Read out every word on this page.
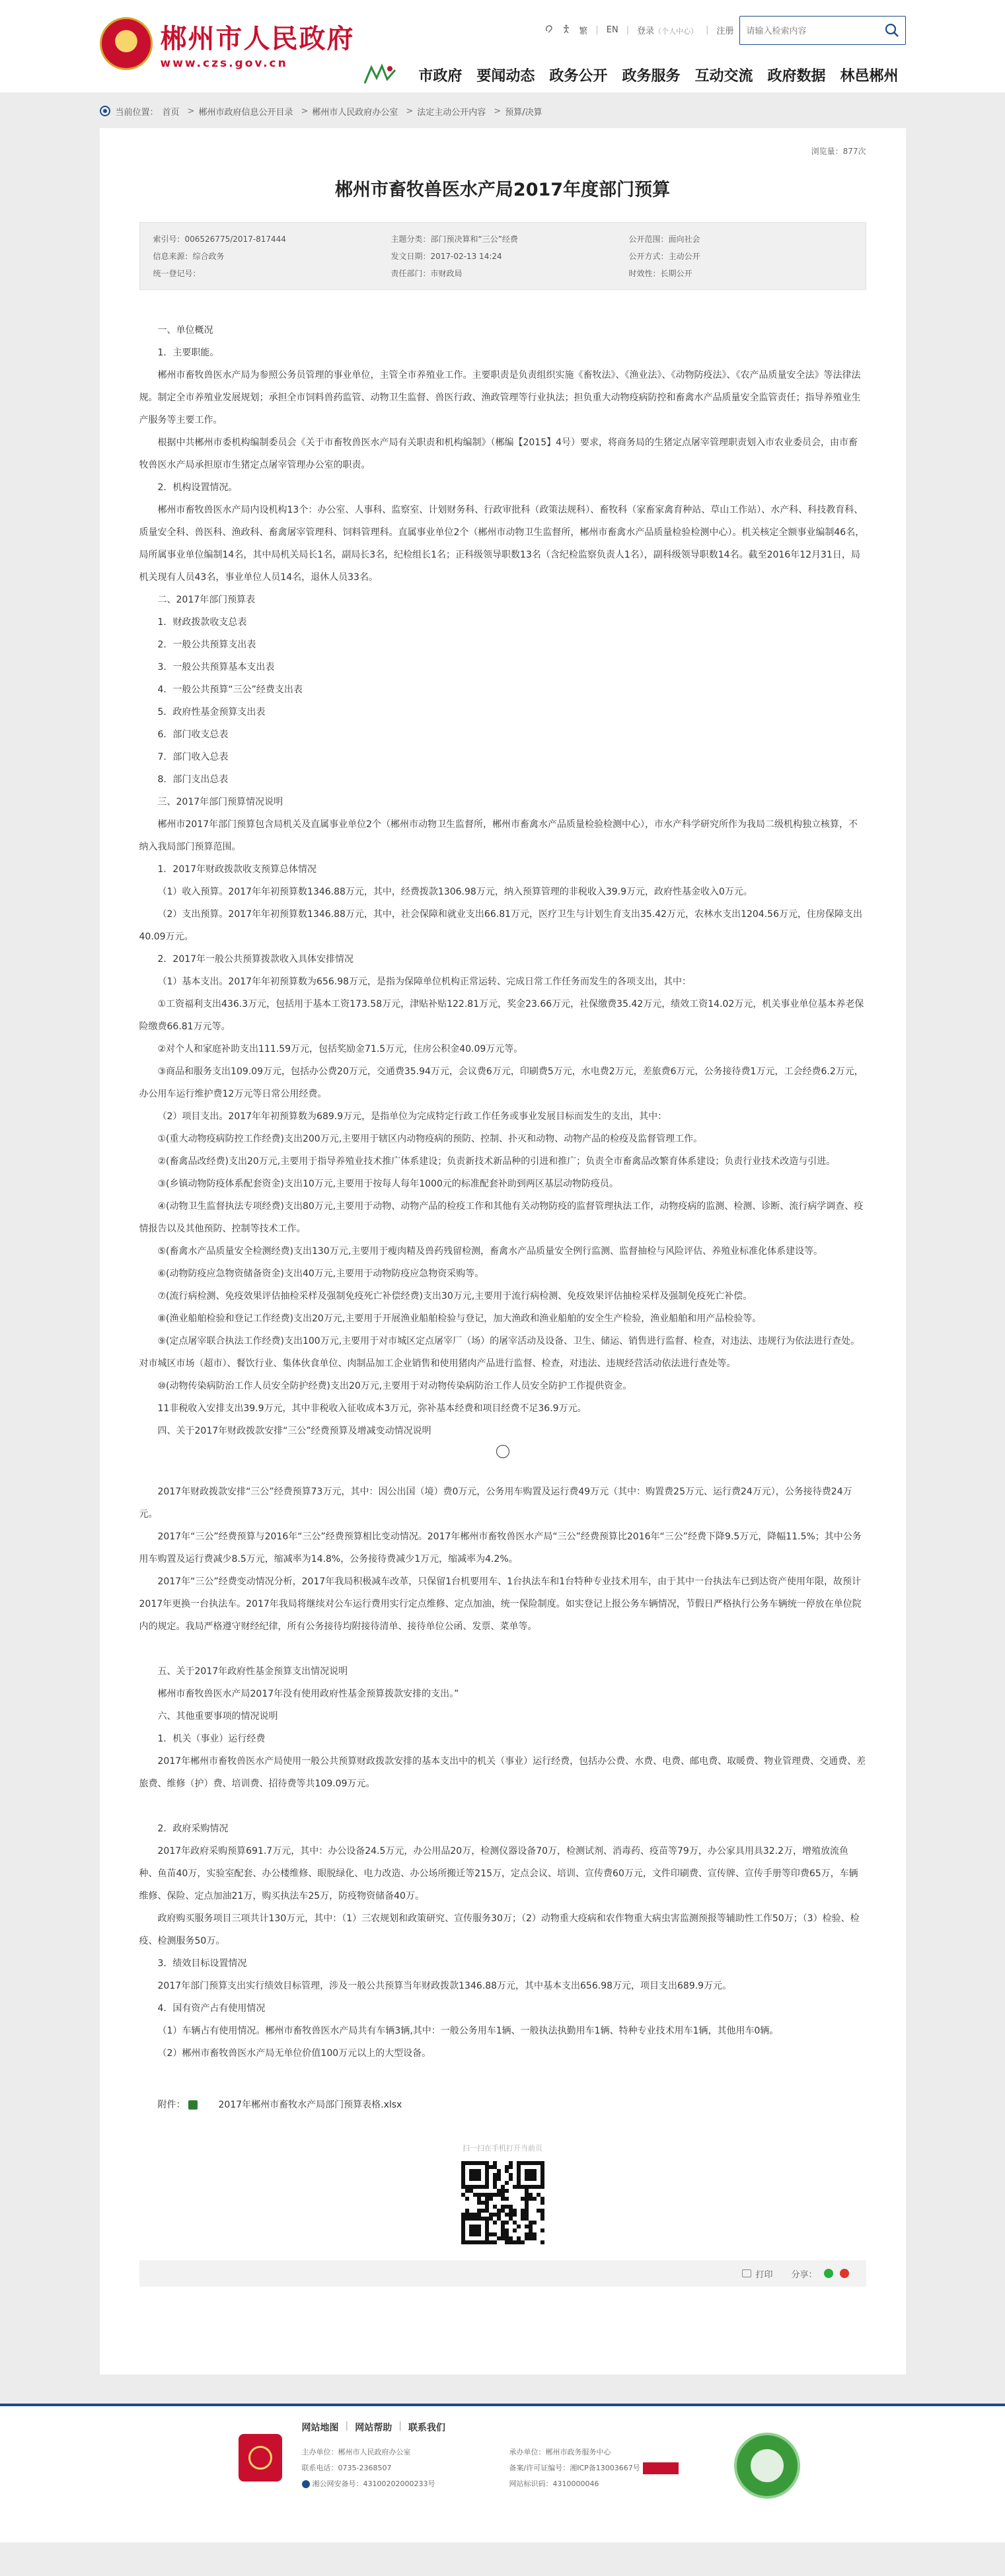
郴州市人民政府
www.czs.gov.cn
繁 | EN | 登录（个人中心） | 注册
请输入检索内容
市政府	要闻动态	政务公开	政务服务	互动交流	政府数据	林邑郴州
当前位置： 首页 > 郴州市政府信息公开目录 > 郴州市人民政府办公室 > 法定主动公开内容 > 预算/决算
浏览量：877次
郴州市畜牧兽医水产局2017年度部门预算
索引号：006526775/2017-817444	主题分类：部门预决算和“三公”经费	公开范围：面向社会
信息来源：综合政务	发文日期：2017-02-13 14:24	公开方式：主动公开
统一登记号：	责任部门：市财政局	时效性：长期公开

一、单位概况

1．主要职能。

郴州市畜牧兽医水产局为参照公务员管理的事业单位，主管全市养殖业工作。主要职责是负责组织实施《畜牧法》、《渔业法》、《动物防疫法》、《农产品质量安全法》等法律法规。制定全市养殖业发展规划；承担全市饲料兽药监管、动物卫生监督、兽医行政、渔政管理等行业执法；担负重大动物疫病防控和畜禽水产品质量安全监管责任；指导养殖业生产服务等主要工作。

根据中共郴州市委机构编制委员会《关于市畜牧兽医水产局有关职责和机构编制》（郴编【2015】4号）要求，将商务局的生猪定点屠宰管理职责划入市农业委员会，由市畜牧兽医水产局承担原市生猪定点屠宰管理办公室的职责。

2．机构设置情况。

郴州市畜牧兽医水产局内设机构13个：办公室、人事科、监察室、计划财务科、行政审批科（政策法规科）、畜牧科（家畜家禽育种站、草山工作站）、水产科、科技教育科、质量安全科、兽医科、渔政科、畜禽屠宰管理科、饲料管理科。直属事业单位2个（郴州市动物卫生监督所，郴州市畜禽水产品质量检验检测中心）。机关核定全额事业编制46名，局所属事业单位编制14名，其中局机关局长1名，副局长3名，纪检组长1名；正科级领导职数13名（含纪检监察负责人1名），副科级领导职数14名。截至2016年12月31日，局机关现有人员43名，事业单位人员14名，退休人员33名。

二、2017年部门预算表

1．财政拨款收支总表

2．一般公共预算支出表

3．一般公共预算基本支出表

4．一般公共预算“三公”经费支出表

5．政府性基金预算支出表

6．部门收支总表

7．部门收入总表

8．部门支出总表

三、2017年部门预算情况说明

郴州市2017年部门预算包含局机关及直属事业单位2个（郴州市动物卫生监督所，郴州市畜禽水产品质量检验检测中心），市水产科学研究所作为我局二级机构独立核算，不纳入我局部门预算范围。

1．2017年财政拨款收支预算总体情况

（1）收入预算。2017年年初预算数1346.88万元，其中，经费拨款1306.98万元，纳入预算管理的非税收入39.9万元，政府性基金收入0万元。

（2）支出预算。2017年年初预算数1346.88万元，其中，社会保障和就业支出66.81万元，医疗卫生与计划生育支出35.42万元，农林水支出1204.56万元，住房保障支出40.09万元。

2．2017年一般公共预算拨款收入具体安排情况

（1）基本支出。2017年年初预算数为656.98万元，是指为保障单位机构正常运转、完成日常工作任务而发生的各项支出，其中：

①工资福利支出436.3万元，包括用于基本工资173.58万元，津贴补贴122.81万元，奖金23.66万元，社保缴费35.42万元，绩效工资14.02万元，机关事业单位基本养老保险缴费66.81万元等。

②对个人和家庭补助支出111.59万元，包括奖励金71.5万元，住房公积金40.09万元等。

③商品和服务支出109.09万元，包括办公费20万元，交通费35.94万元，会议费6万元，印刷费5万元，水电费2万元，差旅费6万元，公务接待费1万元，工会经费6.2万元，办公用车运行维护费12万元等日常公用经费。

（2）项目支出。2017年年初预算数为689.9万元，是指单位为完成特定行政工作任务或事业发展目标而发生的支出，其中：

①(重大动物疫病防控工作经费)支出200万元,主要用于辖区内动物疫病的预防、控制、扑灭和动物、动物产品的检疫及监督管理工作。

②(畜禽品改经费)支出20万元,主要用于指导养殖业技术推广体系建设；负责新技术新品种的引进和推广；负责全市畜禽品改繁育体系建设；负责行业技术改造与引进。

③(乡镇动物防疫体系配套资金)支出10万元,主要用于按每人每年1000元的标准配套补助到两区基层动物防疫员。

④(动物卫生监督执法专项经费)支出80万元,主要用于动物、动物产品的检疫工作和其他有关动物防疫的监督管理执法工作，动物疫病的监测、检测、诊断、流行病学调查、疫情报告以及其他预防、控制等技术工作。

⑤(畜禽水产品质量安全检测经费)支出130万元,主要用于瘦肉精及兽药残留检测，畜禽水产品质量安全例行监测、监督抽检与风险评估、养殖业标准化体系建设等。

⑥(动物防疫应急物资储备资金)支出40万元,主要用于动物防疫应急物资采购等。

⑦(流行病检测、免疫效果评估抽检采样及强制免疫死亡补偿经费)支出30万元,主要用于流行病检测、免疫效果评估抽检采样及强制免疫死亡补偿。

⑧(渔业船舶检验和登记工作经费)支出20万元,主要用于开展渔业船舶检验与登记，加大渔政和渔业船舶的安全生产检验，渔业船舶和用产品检验等。

⑨(定点屠宰联合执法工作经费)支出100万元,主要用于对市城区定点屠宰厂（场）的屠宰活动及设备、卫生、储运、销售进行监督、检查，对违法、违规行为依法进行查处。　　　　　对市城区市场（超市）、餐饮行业、集体伙食单位、肉制品加工企业销售和使用猪肉产品进行监督、检查，对违法、违规经营活动依法进行查处等。

⑩(动物传染病防治工作人员安全防护经费)支出20万元,主要用于对动物传染病防治工作人员安全防护工作提供资金。

11非税收入安排支出39.9万元，其中非税收入征收成本3万元，弥补基本经费和项目经费不足36.9万元。

四、关于2017年财政拨款安排“三公”经费预算及增减变动情况说明

2017年财政拨款安排“三公”经费预算73万元，其中：因公出国（境）费0万元，公务用车购置及运行费49万元（其中：购置费25万元、运行费24万元），公务接待费24万元。

2017年“三公”经费预算与2016年“三公”经费预算相比变动情况。2017年郴州市畜牧兽医水产局“三公”经费预算比2016年“三公”经费下降9.5万元，降幅11.5%；其中公务用车购置及运行费减少8.5万元，缩减率为14.8%，公务接待费减少1万元，缩减率为4.2%。

2017年“三公”经费变动情况分析，2017年我局积极减车改革，只保留1台机要用车、1台执法车和1台特种专业技术用车，由于其中一台执法车已到达资产使用年限，故预计2017年更换一台执法车。2017年我局将继续对公车运行费用实行定点维修、定点加油，统一保险制度。如实登记上报公务车辆情况，节假日严格执行公务车辆统一停放在单位院内的规定。我局严格遵守财经纪律，所有公务接待均附接待清单、接待单位公函、发票、菜单等。

五、关于2017年政府性基金预算支出情况说明

郴州市畜牧兽医水产局2017年没有使用政府性基金预算拨款安排的支出。”

六、其他重要事项的情况说明

1．机关（事业）运行经费

2017年郴州市畜牧兽医水产局使用一般公共预算财政拨款安排的基本支出中的机关（事业）运行经费，包括办公费、水费、电费、邮电费、取暖费、物业管理费、交通费、差旅费、维修（护）费、培训费、招待费等共109.09万元。

2．政府采购情况

2017年政府采购预算691.7万元，其中：办公设备24.5万元，办公用品20万，检测仪器设备70万，检测试剂、消毒药、疫苗等79万，办公家具用具32.2万，增殖放流鱼种、鱼苗40万，实验室配套、办公楼维修、眼脱绿化、电力改造、办公场所搬迁等215万，定点会议、培训、宣传费60万元，文件印刷费、宣传牌、宣传手册等印费65万，车辆维修、保险、定点加油21万，购买执法车25万，防疫物资储备40万。

政府购买服务项目三项共计130万元，其中：（1）三农规划和政策研究、宣传服务30万；（2）动物重大疫病和农作物重大病虫害监测预报等辅助性工作50万；（3）检验、检疫、检测服务50万。

3．绩效目标设置情况

2017年部门预算支出实行绩效目标管理，涉及一般公共预算当年财政拨款1346.88万元，其中基本支出656.98万元，项目支出689.9万元。

4．国有资产占有使用情况

（1）车辆占有使用情况。郴州市畜牧兽医水产局共有车辆3辆,其中：一般公务用车1辆、一般执法执勤用车1辆、特种专业技术用车1辆，其他用车0辆。

（2）郴州市畜牧兽医水产局无单位价值100万元以上的大型设备。

附件：	2017年郴州市畜牧水产局部门预算表格.xlsx

扫一扫在手机打开当前页
打印 分享：
网站地图 | 网站帮助 | 联系我们
主办单位：郴州市人民政府办公室
联系电话：0735-2368507
湘公网安备号：43100202000233号
承办单位：郴州市政务服务中心
备案/许可证编号：湘ICP备13003667号
网站标识码：4310000046
